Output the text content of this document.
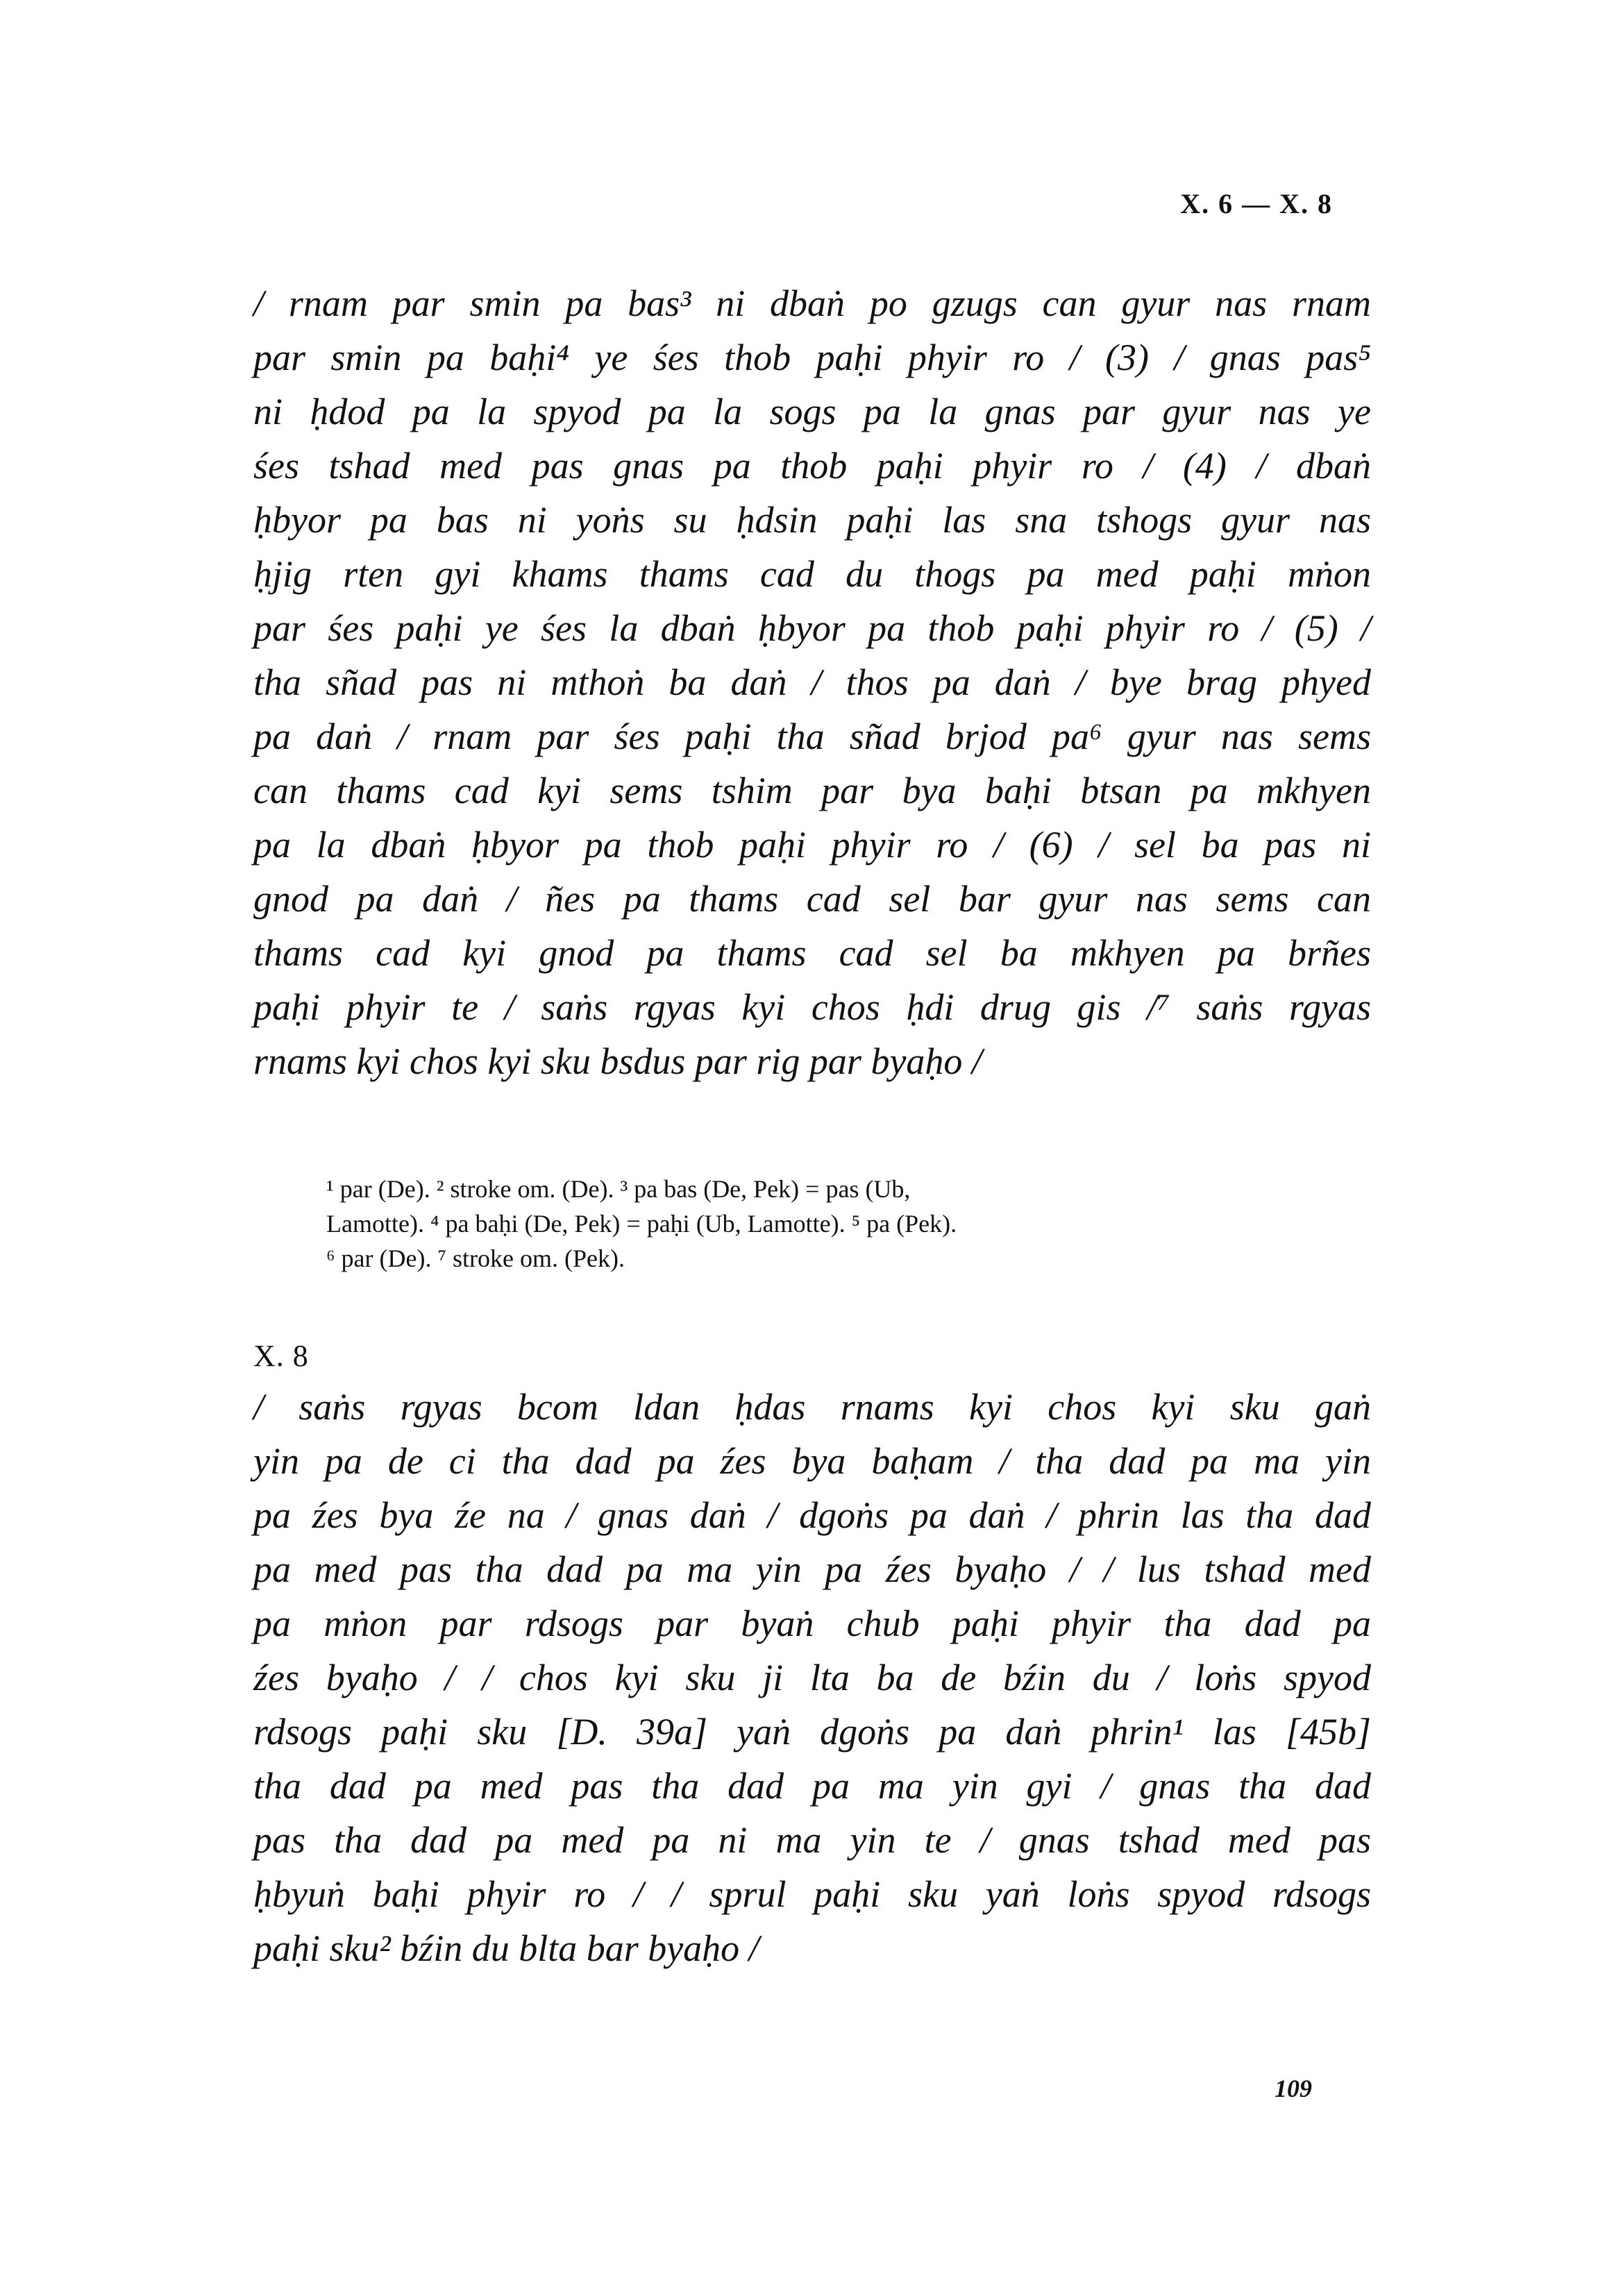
X. 6 — X. 8
/ rnam par smin pa bas³ ni dbaṅ po gzugs can gyur nas rnam
par smin pa baḥi⁴ ye śes thob paḥi phyir ro / (3) / gnas pas⁵
ni ḥdod pa la spyod pa la sogs pa la gnas par gyur nas ye
śes tshad med pas gnas pa thob paḥi phyir ro / (4) / dbaṅ
ḥbyor pa bas ni yoṅs su ḥdsin paḥi las sna tshogs gyur nas
ḥjig rten gyi khams thams cad du thogs pa med paḥi mṅon
par śes paḥi ye śes la dbaṅ ḥbyor pa thob paḥi phyir ro / (5) /
tha sñad pas ni mthoṅ ba daṅ / thos pa daṅ / bye brag phyed
pa daṅ / rnam par śes paḥi tha sñad brjod pa⁶ gyur nas sems
can thams cad kyi sems tshim par bya baḥi btsan pa mkhyen
pa la dbaṅ ḥbyor pa thob paḥi phyir ro / (6) / sel ba pas ni
gnod pa daṅ / ñes pa thams cad sel bar gyur nas sems can
thams cad kyi gnod pa thams cad sel ba mkhyen pa brñes
paḥi phyir te / saṅs rgyas kyi chos ḥdi drug gis /⁷ saṅs rgyas
rnams kyi chos kyi sku bsdus par rig par byaḥo /
¹ par (De). ² stroke om. (De). ³ pa bas (De, Pek) = pas (Ub,
Lamotte). ⁴ pa baḥi (De, Pek) = paḥi (Ub, Lamotte). ⁵ pa (Pek).
⁶ par (De). ⁷ stroke om. (Pek).
X. 8
/ saṅs rgyas bcom ldan ḥdas rnams kyi chos kyi sku gaṅ
yin pa de ci tha dad pa źes bya baḥam / tha dad pa ma yin
pa źes bya źe na / gnas daṅ / dgoṅs pa daṅ / phrin las tha dad
pa med pas tha dad pa ma yin pa źes byaḥo / / lus tshad med
pa mṅon par rdsogs par byaṅ chub paḥi phyir tha dad pa
źes byaḥo / / chos kyi sku ji lta ba de bźin du / loṅs spyod
rdsogs paḥi sku [D. 39a] yaṅ dgoṅs pa daṅ phrin¹ las [45b]
tha dad pa med pas tha dad pa ma yin gyi / gnas tha dad
pas tha dad pa med pa ni ma yin te / gnas tshad med pas
ḥbyuṅ baḥi phyir ro / / sprul paḥi sku yaṅ loṅs spyod rdsogs
paḥi sku² bźin du blta bar byaḥo /
109
